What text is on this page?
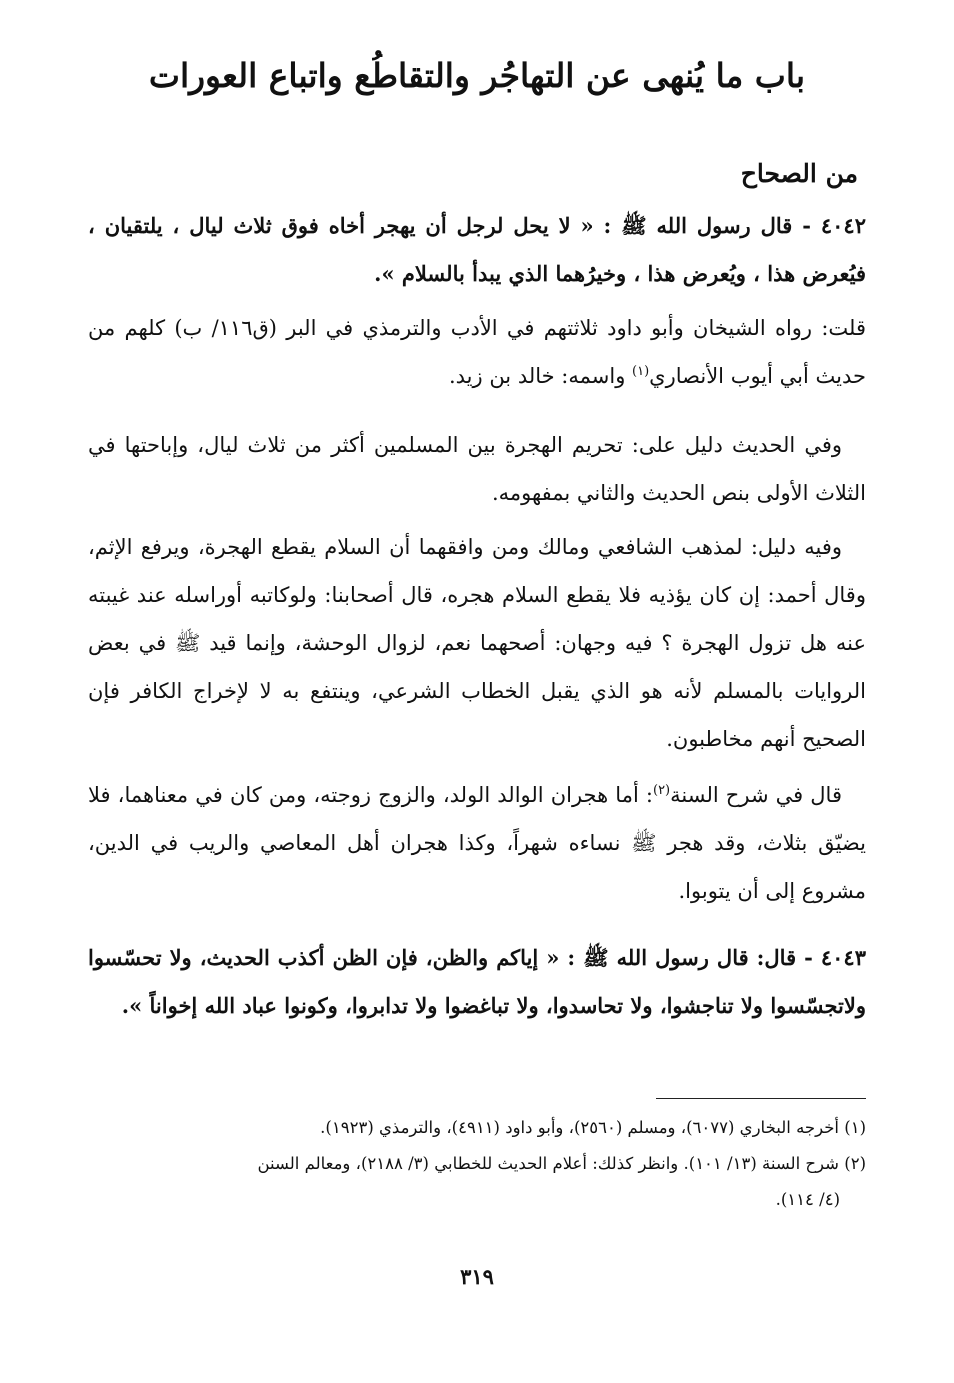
باب ما يُنهى عن التهاجُر والتقاطُع واتباع العورات
من الصحاح
٤٠٤٢ - قال رسول الله ﷺ : « لا يحل لرجل أن يهجر أخاه فوق ثلاث ليال ، يلتقيان ، فيُعرض هذا ، ويُعرض هذا ، وخيرُهما الذي يبدأ بالسلام ».
قلت: رواه الشيخان وأبو داود ثلاثتهم في الأدب والترمذي في البر (ق١١٦/ ب) كلهم من حديث أبي أيوب الأنصاري$^{(١)}$ واسمه: خالد بن زيد.
وفي الحديث دليل على: تحريم الهجرة بين المسلمين أكثر من ثلاث ليال، وإباحتها في الثلاث الأولى بنص الحديث والثاني بمفهومه.
وفيه دليل: لمذهب الشافعي ومالك ومن وافقهما أن السلام يقطع الهجرة، ويرفع الإثم، وقال أحمد: إن كان يؤذيه فلا يقطع السلام هجره، قال أصحابنا: ولوكاتبه أوراسله عند غيبته عنه هل تزول الهجرة ؟ فيه وجهان: أصحهما نعم، لزوال الوحشة، وإنما قيد ﷺ في بعض الروايات بالمسلم لأنه هو الذي يقبل الخطاب الشرعي، وينتفع به لا لإخراج الكافر فإن الصحيح أنهم مخاطبون.
قال في شرح السنة$^{(٢)}$: أما هجران الوالد الولد، والزوج زوجته، ومن كان في معناهما، فلا يضيّق بثلاث، وقد هجر ﷺ نساءه شهراً، وكذا هجران أهل المعاصي والريب في الدين، مشروع إلى أن يتوبوا.
٤٠٤٣ - قال: قال رسول الله ﷺ : « إياكم والظن، فإن الظن أكذب الحديث، ولا تحسّسوا ولاتجسّسوا ولا تناجشوا، ولا تحاسدوا، ولا تباغضوا ولا تدابروا، وكونوا عباد الله إخواناً ».

(١) أخرجه البخاري (٦٠٧٧)، ومسلم (٢٥٦٠)، وأبو داود (٤٩١١)، والترمذي (١٩٢٣).

(٢) شرح السنة (١٣/ ١٠١). وانظر كذلك: أعلام الحديث للخطابي (٣/ ٢١٨٨)، ومعالم السنن

(٤/ ١١٤).

٣١٩
